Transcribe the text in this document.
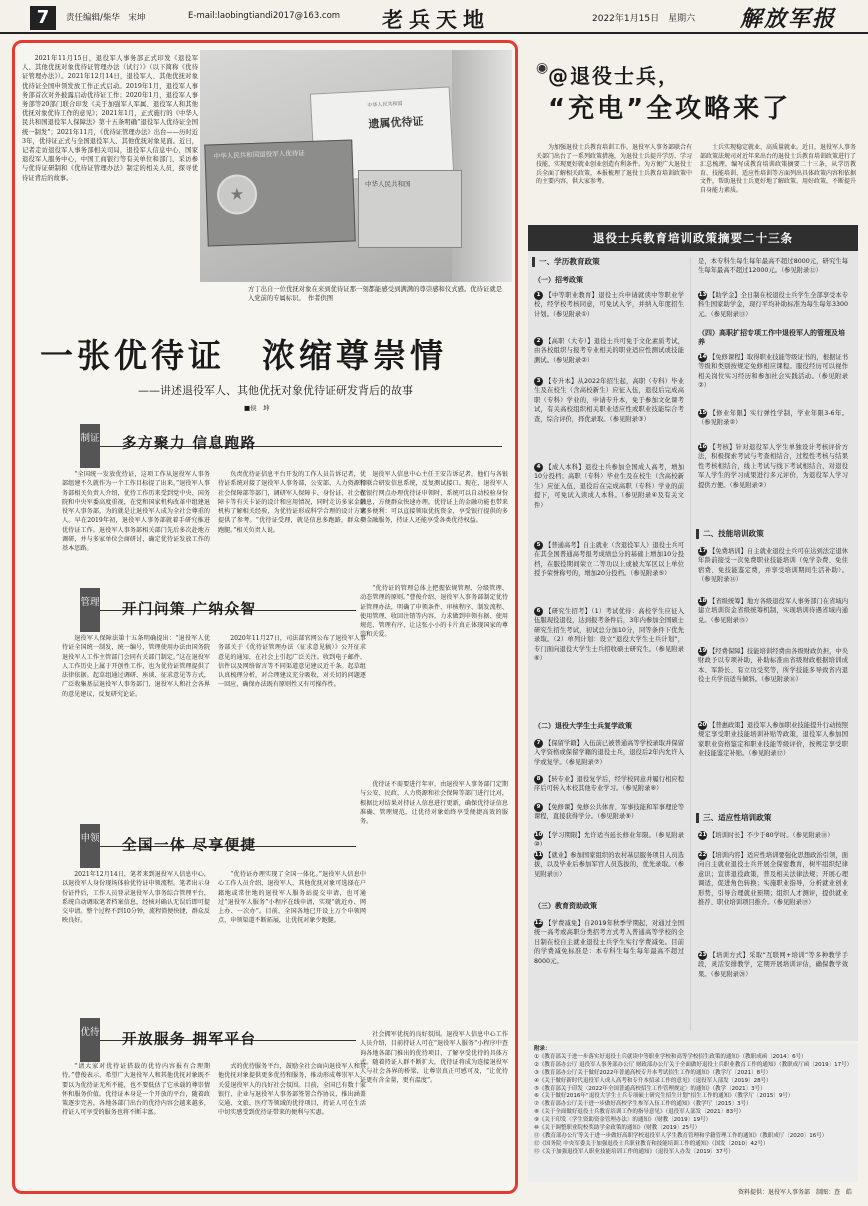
7	责任编辑/柴华　宋坤	E-mail:laobingtiandi2017@163.com 老兵天地	2022年1月15日　星期六 解放军报

2021年11月15日，退役军人事务部正式印发《退役军人、其他优抚对象优待证管理办法（试行）》（以下简称《优待证管理办法》）。2021年12月14日，退役军人、其他优抚对象优待证全国申领发放工作正式启动。2019年1月，退役军人事务部首次对外披露启动优待证工作；2020年1月，退役军人事务部等20部门联合印发《关于加强军人军属、退役军人和其他优抚对象优待工作的意见》；2021年1月，正式施行的《中华人民共和国退役军人保障法》第十五条明确“退役军人优待证全国统一制发”；2021年11月，《优待证管理办法》出台——历时近3年，优待证正式与全国退役军人、其他优抚对象见面。近日，记者走访退役军人事务部相关司局，退役军人信息中心，国家退役军人服务中心，中国工商银行等有关单位和部门，采访参与优待证研制和《优待证管理办法》制定的相关人员，探寻优待证背后的故事。

中华人民共和国
遗属优待证
中华人民共和国退役军人优待证
★
中华人民共和国

方丁出自一位优抚对象在来到优待证那一刻都能感受到满满的尊崇感和仪式感。优待证就是入党前的专属标识。　作者供图

一张优待证　浓缩尊崇情
——讲述退役军人、其他优抚对象优待证研发背后的故事
■侯　坤
制证 多方聚力 信息跑路

“全国统一发放优待证，这项工作从退役军人事务部组建不久就作为一个工作目标提了出来。”退役军人事务部相关负责人介绍，优待工作历来受到党中央、国务院和中央军委高度重视，在党和国家机构改革中组建退役军人事务部，为的就是让退役军人成为全社会尊重的人。早在2019年初，退役军人事务部就着手研究推进优待证工作。退役军人事务部相关部门先后多次赴地方调研，并与多家单位会商研讨，确定优待证发放工作的基本思路。

负责优待证信息平台开发的工作人员告诉记者，优待证系统对接了退役军人事务部、公安部、人力资源和社会保障部等部门，调研军人保障卡、身份证、社会保障卡等有关卡证的设计和应用情况，同时走访多家金融机构了解相关经验，为优待证形成科学合理的设计方案提供了参考。“优待证受理，就是信息多跑路，群众少跑腿。”相关负责人说。

退役军人信息中心主任王安告诉记者，他们与各银行联合研发信息系统，反复测试接口。现在，退役军人在银行网点办理优待证申领时，系统可以自动校验身份信息，方便群众快速办理。优待证上的金融功能也带来诸多便利：可以直接领取优抚资金，享受银行提供的多项金融服务，持证人还能享受各类优待权益。

管理 开门问策 广纳众智

退役军人保障法第十五条明确提出：“退役军人优待证全国统一制发，统一编号，管理使用办法由国务院退役军人工作主管部门会同有关部门制定。”这在退役军人工作历史上属于开创性工作，也为优待证管理提供了法律依据。起草组通过调研、座谈、征求意见等方式，广泛收集基层退役军人事务部门、退役军人和社会各界的意见建议，反复研究论证。

2020年11月27日，司法部官网公布了退役军人事务部关于《优待证管理办法（征求意见稿）》公开征求意见的通知，在社会上引起广泛关注。收到电子邮件、信件以及网络留言等不同渠道意见建议近千条。起草组认真梳理分析，对合理建议充分吸收，对关切的问题逐一回应，确保办法既有原则性又有可操作性。

“优待证的管理总体上把握依规管理、分级管理、动态管理的原则。”曹俊介绍，退役军人事务部制定优待证管理办法，明确了申领条件、审核程序、制发流程、使用管理、收回注销等内容，力求做到申领有据、使用规范、管理有序，让这张小小的卡片真正体现国家的尊崇和关爱。

申领 全国一体 尽享便捷

2021年12月14日，笔者来到退役军人信息中心，以退役军人身份现场体验优待证申领流程。笔者出示身份证件后，工作人员登录退役军人事务综合管理平台，系统自动调取笔者档案信息，经核对确认无误后即可提交申请。整个过程不到10分钟，流程简便快捷，群众反映良好。

“优待证办理实现了全国一体化。”退役军人信息中心工作人员介绍，退役军人、其他优抚对象可选择在户籍地或常住地的退役军人服务站提交申请，也可通过“退役军人服务”小程序在线申请，实现“就近办、网上办、一次办”。目前，全国各地已开设上万个申领网点，申领渠道不断拓展，让优抚对象少跑腿。

优待证不需要进行年审，由退役军人事务部门定期与公安、民政、人力资源和社会保障等部门进行比对，根据比对结果对持证人信息进行更新，确保优待证信息准确、管理规范，让优待对象始终享受便捷高效的服务。

优待 开放服务 拥军平台

“请大家对优待证搭载的优待内容报有合理期待。”曹俊表示，希望广大退役军人和其他优抚对象既不要以为优待证无所不能，也不要低估了它承载的尊崇情怀和服务价值。优待证本身是一个开放的平台，随着政策逐步完善，各地各部门出台的优待内容会越来越多，持证人可享受的服务也将不断丰富。

式的优待服务平台，鼓励全社会面向退役军人和其他优抚对象提供更多优待和服务，推动形成尊崇军人、关爱退役军人的良好社会氛围。目前，全国已有数十家银行、企业与退役军人事务部签署合作协议，推出涵盖交通、文旅、医疗等领域的优待项目，持证人可在生活中切实感受到优待证带来的便利与实惠。

社会拥军优抚的良好氛围。退役军人信息中心工作人员介绍，目前持证人可在“退役军人服务”小程序中查询各地各部门推出的优待项目，了解享受优待的具体方式。随着持证人群不断扩大，优待证将成为连接退役军人与社会各界的桥梁，让尊崇真正可感可及，“让优待证更有含金量，更有温度”。

◉ @退役士兵，
“充电”全攻略来了

为加强退役士兵教育培训工作，退役军人事务部联合有关部门出台了一系列政策措施，为退役士兵提升学历、学习技能、实现更好就业创业创造有利条件。为方便广大退役士兵全面了解相关政策，本报梳理了退役士兵教育培训政策中的主要内容，供大家参考。

士兵实现稳定就业、高质量就业。近日，退役军人事务部政策法规司对近年来出台的退役士兵教育培训政策进行了汇总梳理，编写成教育培训政策摘要二十三条，从学历教育、技能培训、适应性培训等方面列出具体政策内容和依据文件，帮助退役士兵更好地了解政策、用好政策，不断提升自身能力素质。

退役士兵教育培训政策摘要二十三条
一、学历教育政策
（一）招考政策
1 【中等职业教育】退役士兵申请就读中等职业学校，经学校考核同意，可免试入学，并纳入年度招生计划。（参见附录①）
2 【高职（大专）】退役士兵可免于文化素质考试，由各校组织与报考专业相关的职业适应性测试或技能测试。（参见附录②）
3 【专升本】从2022年招生起，高职（专科）毕业生及在校生（含高校新生）应征入伍，退役后完成高职（专科）学业的，申请专升本，免于参加文化课考试，有关高校组织相关职业适应性或职业技能综合考查，综合评价，择优录取。（参见附录③）
4 【成人本科】退役士兵参加全国成人高考，增加10分投档；高职（专科）毕业生及在校生（含高校新生）应征入伍，退役后在完成高职（专科）学业的前提下，可免试入读成人本科。（参见附录④及有关文件）
5 【普通高考】自主就业（含退役军人）退役士兵可在其全国普通高考报考成绩总分的基础上增加10分投档，在服役期间荣立二等功以上或被大军区以上单位授予荣誉称号的，增加20分投档。（参见附录⑤）
6 【研究生招考】（1）考试优待：高校学生应征入伍服现役退役，达到报考条件后，3年内参加全国硕士研究生招生考试，初试总分加10分，同等条件下优先录取。（2）单列计划：设立“退役大学生士兵计划”，专门面向退役大学生士兵招收硕士研究生。（参见附录⑥）
（二）退役大学生士兵复学政策
7 【保留学籍】入伍前已被普通高等学校录取并保留入学资格或保留学籍的退役士兵，退役后2年内允许入学或复学。（参见附录⑦）
8 【转专业】退役复学后，经学校同意并履行相应程序后可转入本校其他专业学习。（参见附录⑧）
9 【免修课】免修公共体育、军事技能和军事理论等课程，直接获得学分。（参见附录⑨）
10 【学习期限】允许适当延长修业年限。（参见附录⑩）
11 【就业】参加国家组织的农村基层服务项目人员选拔，以及毕业后参加军官人员选拔的，优先录取。（参见附录⑪）
（三）教育资助政策
12 【学费减免】自2019年秋季学期起，对通过全国统一高考或高职分类招考方式考入普通高等学校的全日制在校自主就业退役士兵学生实行学费减免。目前的学费减免标准是：本专科生每生每年最高不超过8000元。
是，本专科生每生每年最高不超过8000元，研究生每生每年最高不超过12000元。（参见附录⑫）
13 【助学金】全日制在校退役士兵学生全部享受本专科生国家助学金，现行平均补助标准为每生每年3300元。（参见附录⑬）
（四）高职扩招专项工作中退役军人的管理及培养
14 【免修课程】取得职业技能等级证书的，根据证书等级和类别按规定免修相应课程。服役经历可以视作相关岗位实习经历和参加社会实践活动。（参见附录②）
15 【修业年限】实行弹性学制，学业年限3-6年。（参见附录②）
16 【考核】针对退役军人学生单独设计考核评价方法，积极探索考试与考查相结合，过程性考核与结果性考核相结合，线上考试与线下考试相结合，对退役军人学生的学习成果进行多元评价，为退役军人学习提供方便。（参见附录②）
二、技能培训政策
17 【免费培训】自主就业退役士兵可在达到法定退休年龄前接受一次免费职业技能培训（免学杂费、免住宿费、免技能鉴定费，并享受培训期间生活补助）。（参见附录⑭）
18 【省级统筹】地方各级退役军人事务部门在省域内建立培训资金省级统筹机制，实现培训待遇省域内通兑。（参见附录⑮）
19 【经费保障】技能培训经费由各级财政负担，中央财政予以专项补助，补助标准由省级财政根据培训成本、军龄长、有立功受奖等，所学技能多导致省内退役士兵学员适当倾斜。（参见附录⑯）
20 【普惠政策】退役军人参加职业技能提升行动按照规定享受职业技能培训补贴等政策，退役军人参加国家职业资格鉴定和职业技能等级评价，按规定享受职业技能鉴定补贴。（参见附录⑰）
三、适应性培训政策
21 【培训时长】不少于80学时。（参见附录⑱）
22 【培训内容】适应性培训要强化思想政治引领，面向自主就业退役士兵开展全保密教育，树牢组织纪律意识；宣讲退役政策，普及相关法律法规；开展心理调适，促进角色转换；实施职业指导，分析就业创业形势，引导合理就业预期；组织人才测评，提供就业推荐、职业培训项目推介。（参见附录⑲）
23 【培训方式】采取“互联网+培训”等多种教学手段，灵活安排教学，定期开展培训评估，确保教学效果。（参见附录⑳）
附录：
①《教育部关于进一步落实好退役士兵就读中等职业学校和高等学校招生政策的通知》（教职成函〔2014〕6号）
②《教育部办公厅 退役军人事务部办公厅 财政部办公厅关于全面做好退役士兵职业教育工作的通知》（教职成厅函〔2019〕17号）
③《教育部办公厅关于做好2022年普通高校专升本考试招生工作的通知》（教学厅〔2021〕8号）
④《关于做好新时代退役军人成人高考和专升本招录工作的意见》（退役军人部发〔2019〕28号）
⑤《教育部关于印发〈2022年全国普通高校招生工作管理规定〉的通知》（教学〔2021〕3号）
⑥《关于做好2016年“退役大学生士兵专项硕士研究生招生计划”招生工作的通知》（教学厅〔2015〕9号）
⑦《教育部办公厅关于进一步做好高校学生参军入伍工作的通知》（教学厅〔2015〕3号）
⑧《关于全面做好退役士兵教育培训工作的指导意见》（退役军人部发〔2021〕83号）
⑨《关于印发〈学生资助资金管理办法〉的通知》（财教〔2019〕19号）
⑩《关于调整职业院校奖助学金政策的通知》（财教〔2019〕25号）
⑪《教育部办公厅等关于进一步做好高职学校退役军人学生教育管理和学籍管理工作的通知》（教职成厅〔2020〕16号）
⑫《国务院 中央军委关于加强退役士兵职业教育和技能培训工作的通知》（国发〔2010〕42号）
⑬《关于加强退役军人职业技能培训工作的通知》（退役军人办发〔2019〕37号）
资料提供：退役军人事务部　制图：查　皓
